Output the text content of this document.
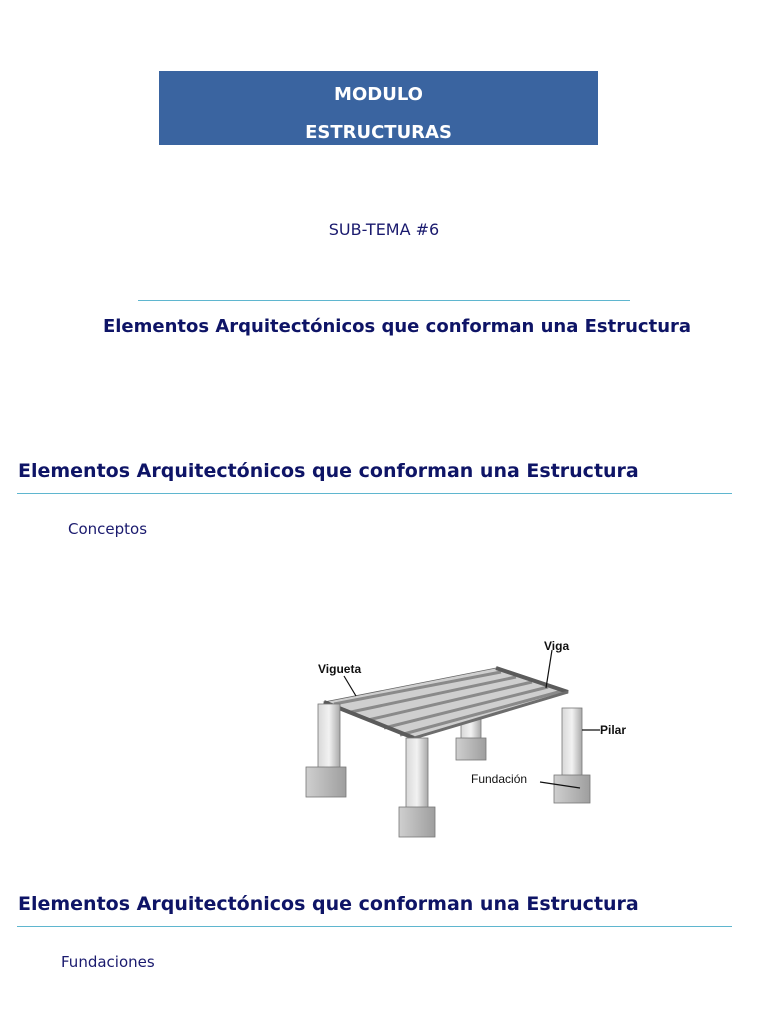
MODULO
ESTRUCTURAS
SUB-TEMA #6
Elementos Arquitectónicos que conforman una Estructura
Elementos Arquitectónicos que conforman una Estructura
Conceptos
Vigueta
Viga
Pilar
Fundación
Elementos Arquitectónicos que conforman una Estructura
Fundaciones
